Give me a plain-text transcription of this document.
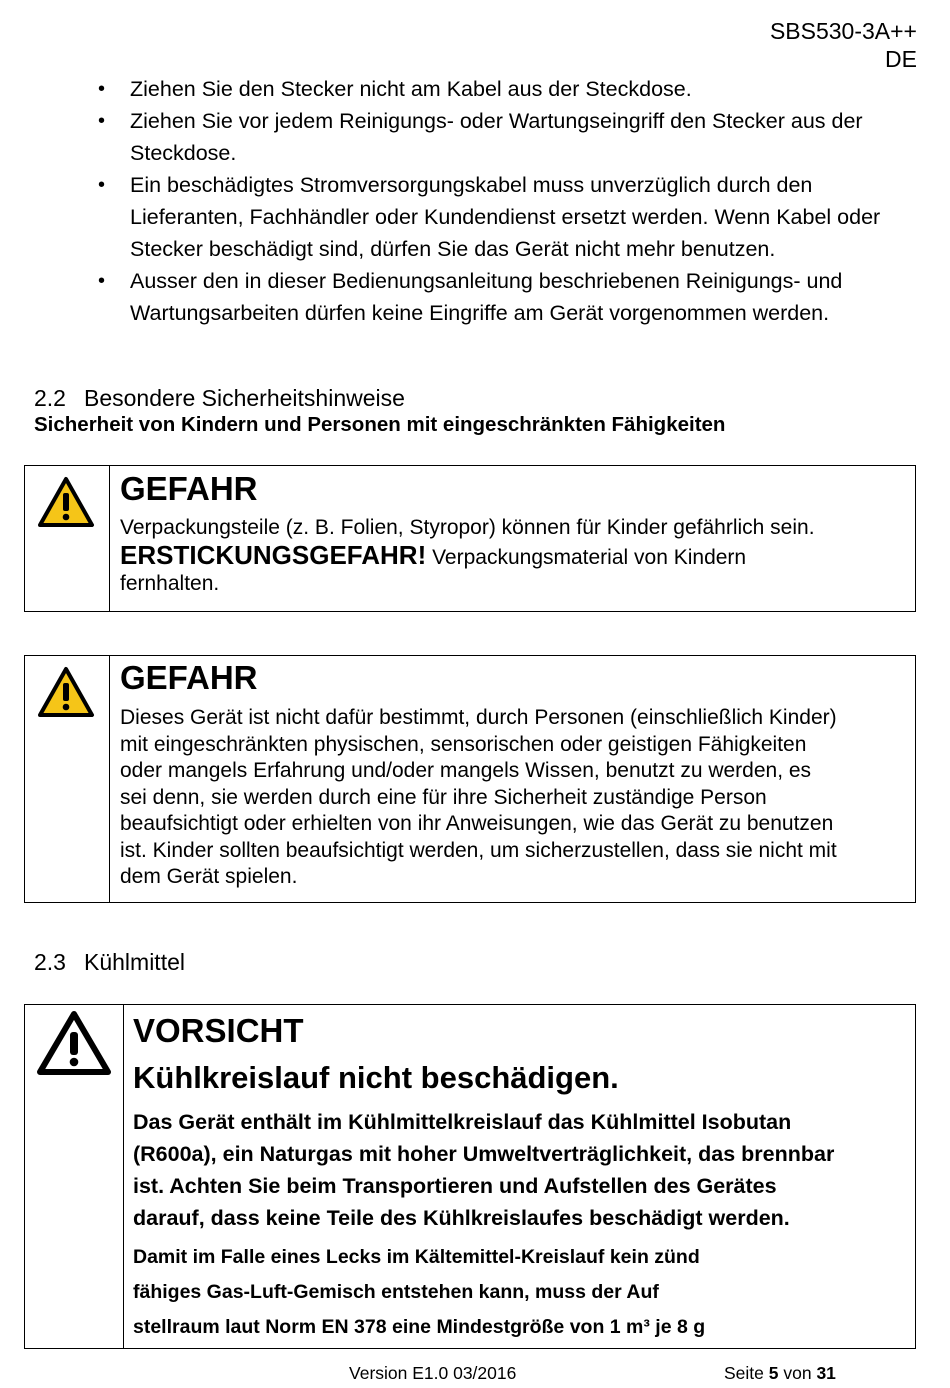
SBS530-3A++
DE
• Ziehen Sie den Stecker nicht am Kabel aus der Steckdose.
• Ziehen Sie vor jedem Reinigungs- oder Wartungseingriff den Stecker aus der Steckdose.
• Ein beschädigtes Stromversorgungskabel muss unverzüglich durch den Lieferanten, Fachhändler oder Kundendienst ersetzt werden. Wenn Kabel oder Stecker beschädigt sind, dürfen Sie das Gerät nicht mehr benutzen.
• Ausser den in dieser Bedienungsanleitung beschriebenen Reinigungs- und Wartungsarbeiten dürfen keine Eingriffe am Gerät vorgenommen werden.
2.2 Besondere Sicherheitshinweise
Sicherheit von Kindern und Personen mit eingeschränkten Fähigkeiten
GEFAHR
Verpackungsteile (z. B. Folien, Styropor) können für Kinder gefährlich sein.
ERSTICKUNGSGEFAHR! Verpackungsmaterial von Kindern
fernhalten.
GEFAHR
Dieses Gerät ist nicht dafür bestimmt, durch Personen (einschließlich Kinder)
mit eingeschränkten physischen, sensorischen oder geistigen Fähigkeiten
oder mangels Erfahrung und/oder mangels Wissen, benutzt zu werden, es
sei denn, sie werden durch eine für ihre Sicherheit zuständige Person
beaufsichtigt oder erhielten von ihr Anweisungen, wie das Gerät zu benutzen
ist. Kinder sollten beaufsichtigt werden, um sicherzustellen, dass sie nicht mit
dem Gerät spielen.
2.3 Kühlmittel
VORSICHT
Kühlkreislauf nicht beschädigen.
Das Gerät enthält im Kühlmittelkreislauf das Kühlmittel Isobutan
(R600a), ein Naturgas mit hoher Umweltverträglichkeit, das brennbar
ist. Achten Sie beim Transportieren und Aufstellen des Gerätes
darauf, dass keine Teile des Kühlkreislaufes beschädigt werden.
Damit im Falle eines Lecks im Kältemittel-Kreislauf kein zünd
fähiges Gas-Luft-Gemisch entstehen kann, muss der Auf
stellraum laut Norm EN 378 eine Mindestgröße von 1 m³ je 8 g
Version E1.0 03/2016	Seite 5 von 31
